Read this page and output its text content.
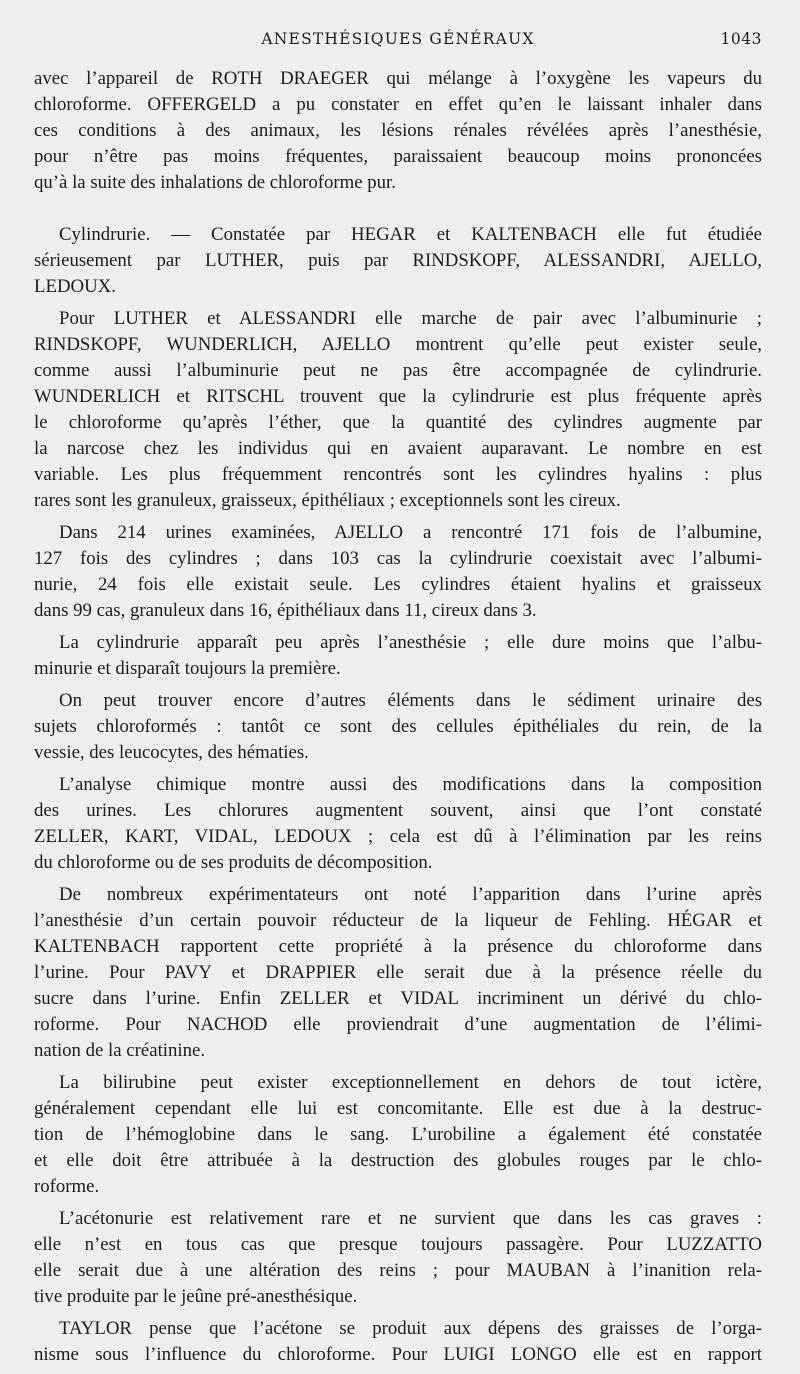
ANESTHÉSIQUES GÉNÉRAUX	1043
avec l’appareil de ROTH DRAEGER qui mélange à l’oxygène les vapeurs du
chloroforme. OFFERGELD a pu constater en effet qu’en le laissant inhaler dans
ces conditions à des animaux, les lésions rénales révélées après l’anesthésie,
pour n’être pas moins fréquentes, paraissaient beaucoup moins prononcées
qu’à la suite des inhalations de chloroforme pur.
Cylindrurie. — Constatée par HEGAR et KALTENBACH elle fut étudiée
sérieusement par LUTHER, puis par RINDSKOPF, ALESSANDRI, AJELLO,
LEDOUX.
Pour LUTHER et ALESSANDRI elle marche de pair avec l’albuminurie ;
RINDSKOPF, WUNDERLICH, AJELLO montrent qu’elle peut exister seule,
comme aussi l’albuminurie peut ne pas être accompagnée de cylindrurie.
WUNDERLICH et RITSCHL trouvent que la cylindrurie est plus fréquente après
le chloroforme qu’après l’éther, que la quantité des cylindres augmente par
la narcose chez les individus qui en avaient auparavant. Le nombre en est
variable. Les plus fréquemment rencontrés sont les cylindres hyalins : plus
rares sont les granuleux, graisseux, épithéliaux ; exceptionnels sont les cireux.
Dans 214 urines examinées, AJELLO a rencontré 171 fois de l’albumine,
127 fois des cylindres ; dans 103 cas la cylindrurie coexistait avec l’albumi-
nurie, 24 fois elle existait seule. Les cylindres étaient hyalins et graisseux
dans 99 cas, granuleux dans 16, épithéliaux dans 11, cireux dans 3.
La cylindrurie apparaît peu après l’anesthésie ; elle dure moins que l’albu-
minurie et disparaît toujours la première.
On peut trouver encore d’autres éléments dans le sédiment urinaire des
sujets chloroformés : tantôt ce sont des cellules épithéliales du rein, de la
vessie, des leucocytes, des hématies.
L’analyse chimique montre aussi des modifications dans la composition
des urines. Les chlorures augmentent souvent, ainsi que l’ont constaté
ZELLER, KART, VIDAL, LEDOUX ; cela est dû à l’élimination par les reins
du chloroforme ou de ses produits de décomposition.
De nombreux expérimentateurs ont noté l’apparition dans l’urine après
l’anesthésie d’un certain pouvoir réducteur de la liqueur de Fehling. HÉGAR et
KALTENBACH rapportent cette propriété à la présence du chloroforme dans
l’urine. Pour PAVY et DRAPPIER elle serait due à la présence réelle du
sucre dans l’urine. Enfin ZELLER et VIDAL incriminent un dérivé du chlo-
roforme. Pour NACHOD elle proviendrait d’une augmentation de l’élimi-
nation de la créatinine.
La bilirubine peut exister exceptionnellement en dehors de tout ictère,
généralement cependant elle lui est concomitante. Elle est due à la destruc-
tion de l’hémoglobine dans le sang. L’urobiline a également été constatée
et elle doit être attribuée à la destruction des globules rouges par le chlo-
roforme.
L’acétonurie est relativement rare et ne survient que dans les cas graves :
elle n’est en tous cas que presque toujours passagère. Pour LUZZATTO
elle serait due à une altération des reins ; pour MAUBAN à l’inanition rela-
tive produite par le jeûne pré-anesthésique.
TAYLOR pense que l’acétone se produit aux dépens des graisses de l’orga-
nisme sous l’influence du chloroforme. Pour LUIGI LONGO elle est en rapport
